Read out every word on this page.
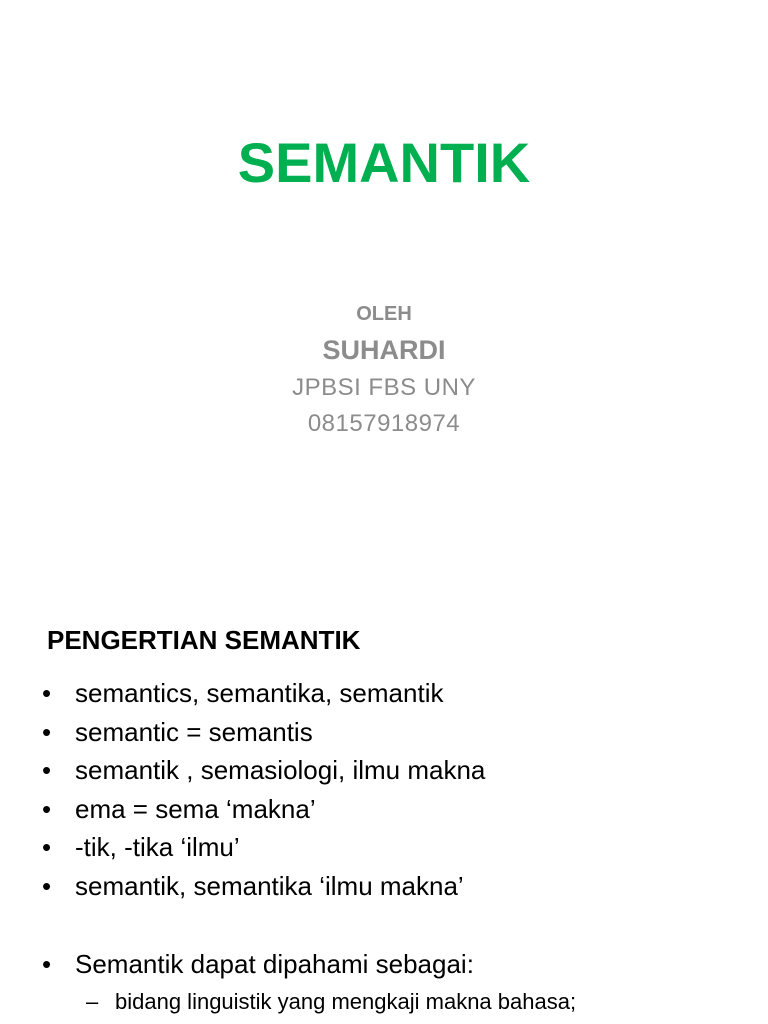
SEMANTIK
OLEH
SUHARDI
JPBSI FBS UNY
08157918974
PENGERTIAN SEMANTIK
• semantics, semantika, semantik
• semantic = semantis
• semantik , semasiologi, ilmu makna
• ema = sema ‘makna’
• -tik, -tika ‘ilmu’
• semantik, semantika ‘ilmu makna’
• Semantik dapat dipahami sebagai:
– bidang linguistik yang mengkaji makna bahasa;
